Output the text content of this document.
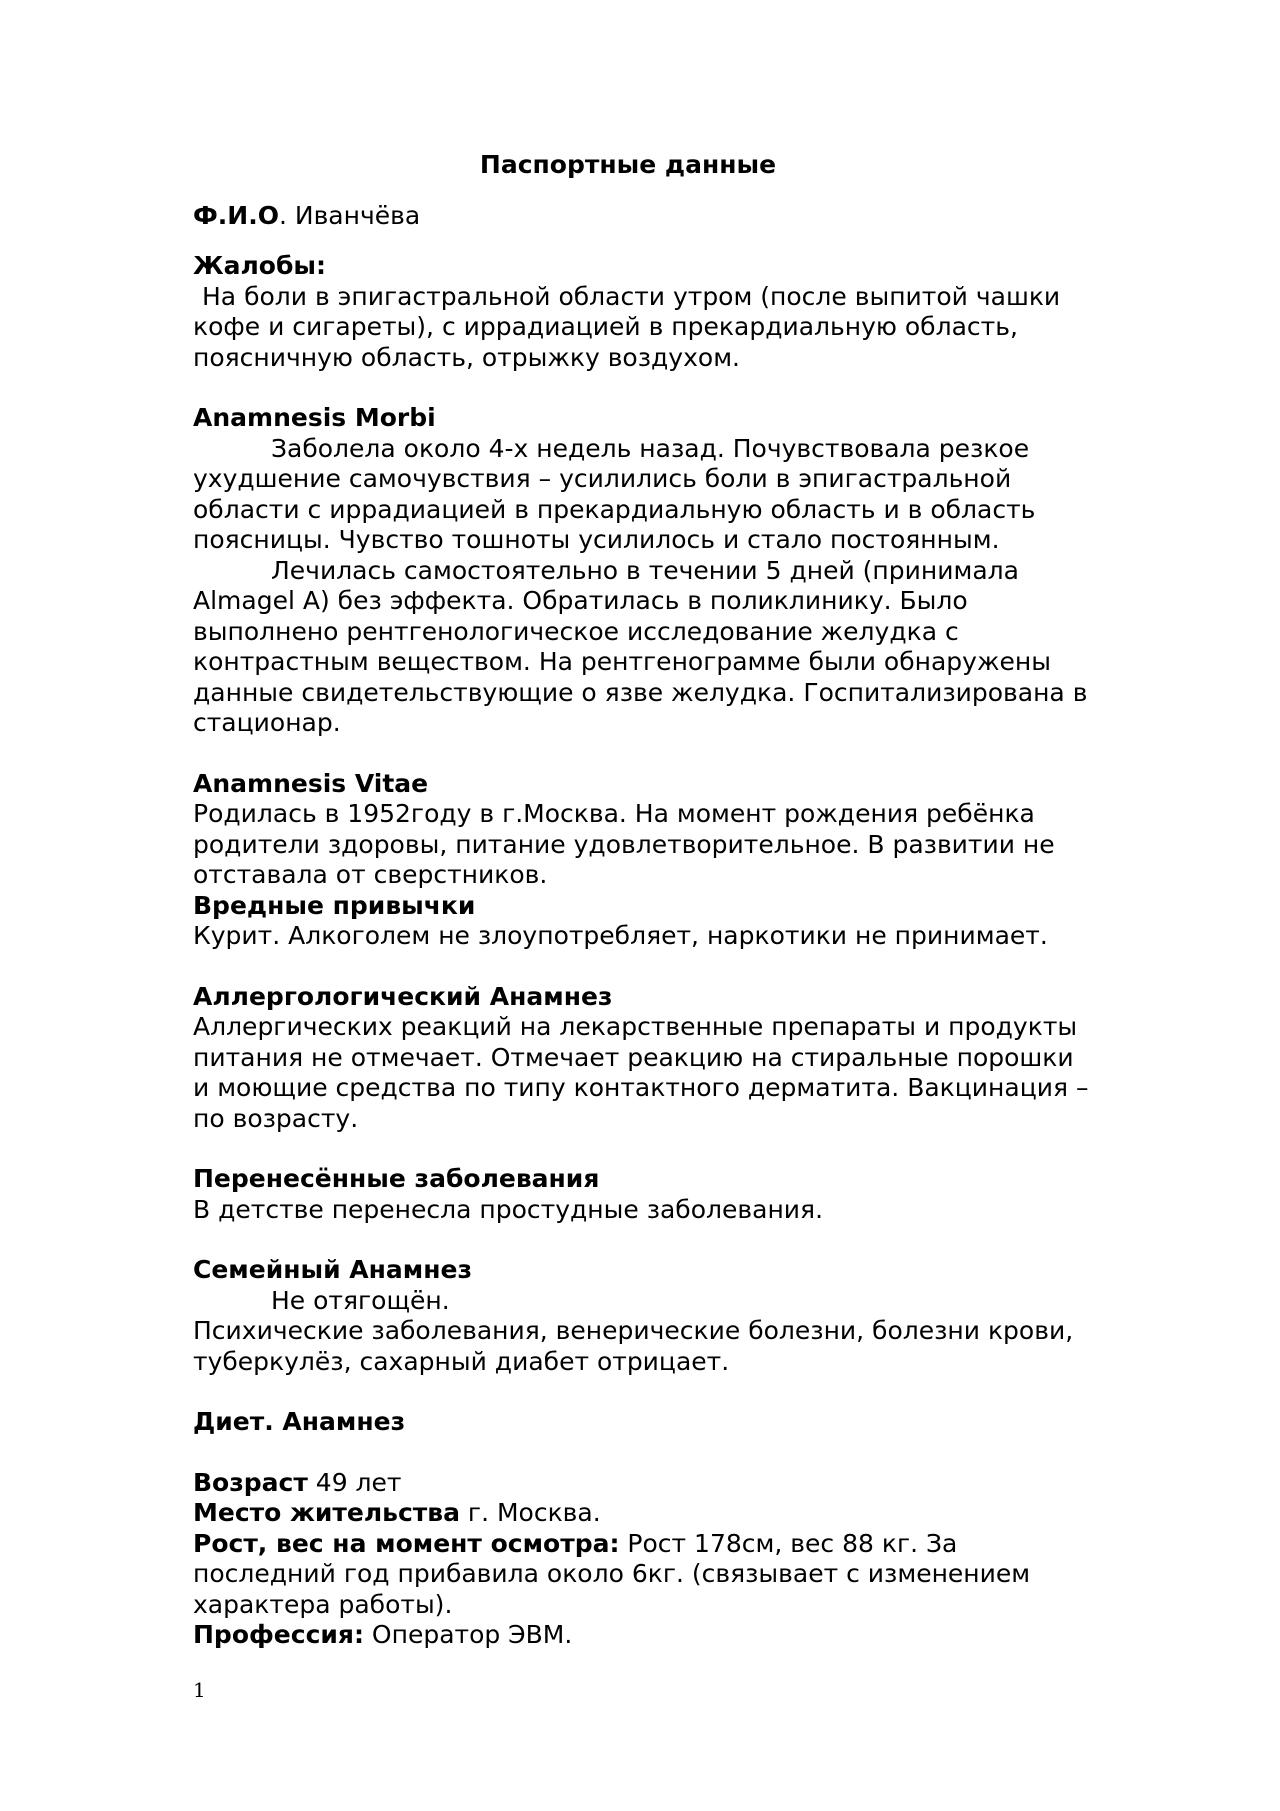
Паспортные данные

Ф.И.О. Иванчёва

Жалобы:

На боли в эпигастральной области утром (после выпитой чашки кофе и сигареты), с иррадиацией в прекардиальную область, поясничную область, отрыжку воздухом.

Anamnesis Morbi

Заболела около 4-х недель назад. Почувствовала резкое ухудшение самочувствия – усилились боли в эпигастральной области с иррадиацией в прекардиальную область и в область поясницы. Чувство тошноты усилилось и стало постоянным.

Лечилась самостоятельно в течении 5 дней (принимала Almagel A) без эффекта. Обратилась в поликлинику. Было выполнено рентгенологическое исследование желудка с контрастным веществом. На рентгенограмме были обнаружены данные свидетельствующие о язве желудка. Госпитализирована в стационар.

Anamnesis Vitae

Родилась в 1952году в г.Москва. На момент рождения ребёнка родители здоровы, питание удовлетворительное. В развитии не отставала от сверстников.

Вредные привычки

Курит. Алкоголем не злоупотребляет, наркотики не принимает.

Аллергологический Анамнез

Аллергических реакций на лекарственные препараты и продукты питания не отмечает. Отмечает реакцию на стиральные порошки и моющие средства по типу контактного дерматита. Вакцинация – по возрасту.

Перенесённые заболевания

В детстве перенесла простудные заболевания.

Семейный Анамнез

Не отягощён.

Психические заболевания, венерические болезни, болезни крови, туберкулёз, сахарный диабет отрицает.

Диет. Анамнез

Возраст 49 лет

Место жительства г. Москва.

Рост, вес на момент осмотра: Рост 178см, вес 88 кг. За последний год прибавила около 6кг. (связывает с изменением характера работы).

Профессия: Оператор ЭВМ.

1
